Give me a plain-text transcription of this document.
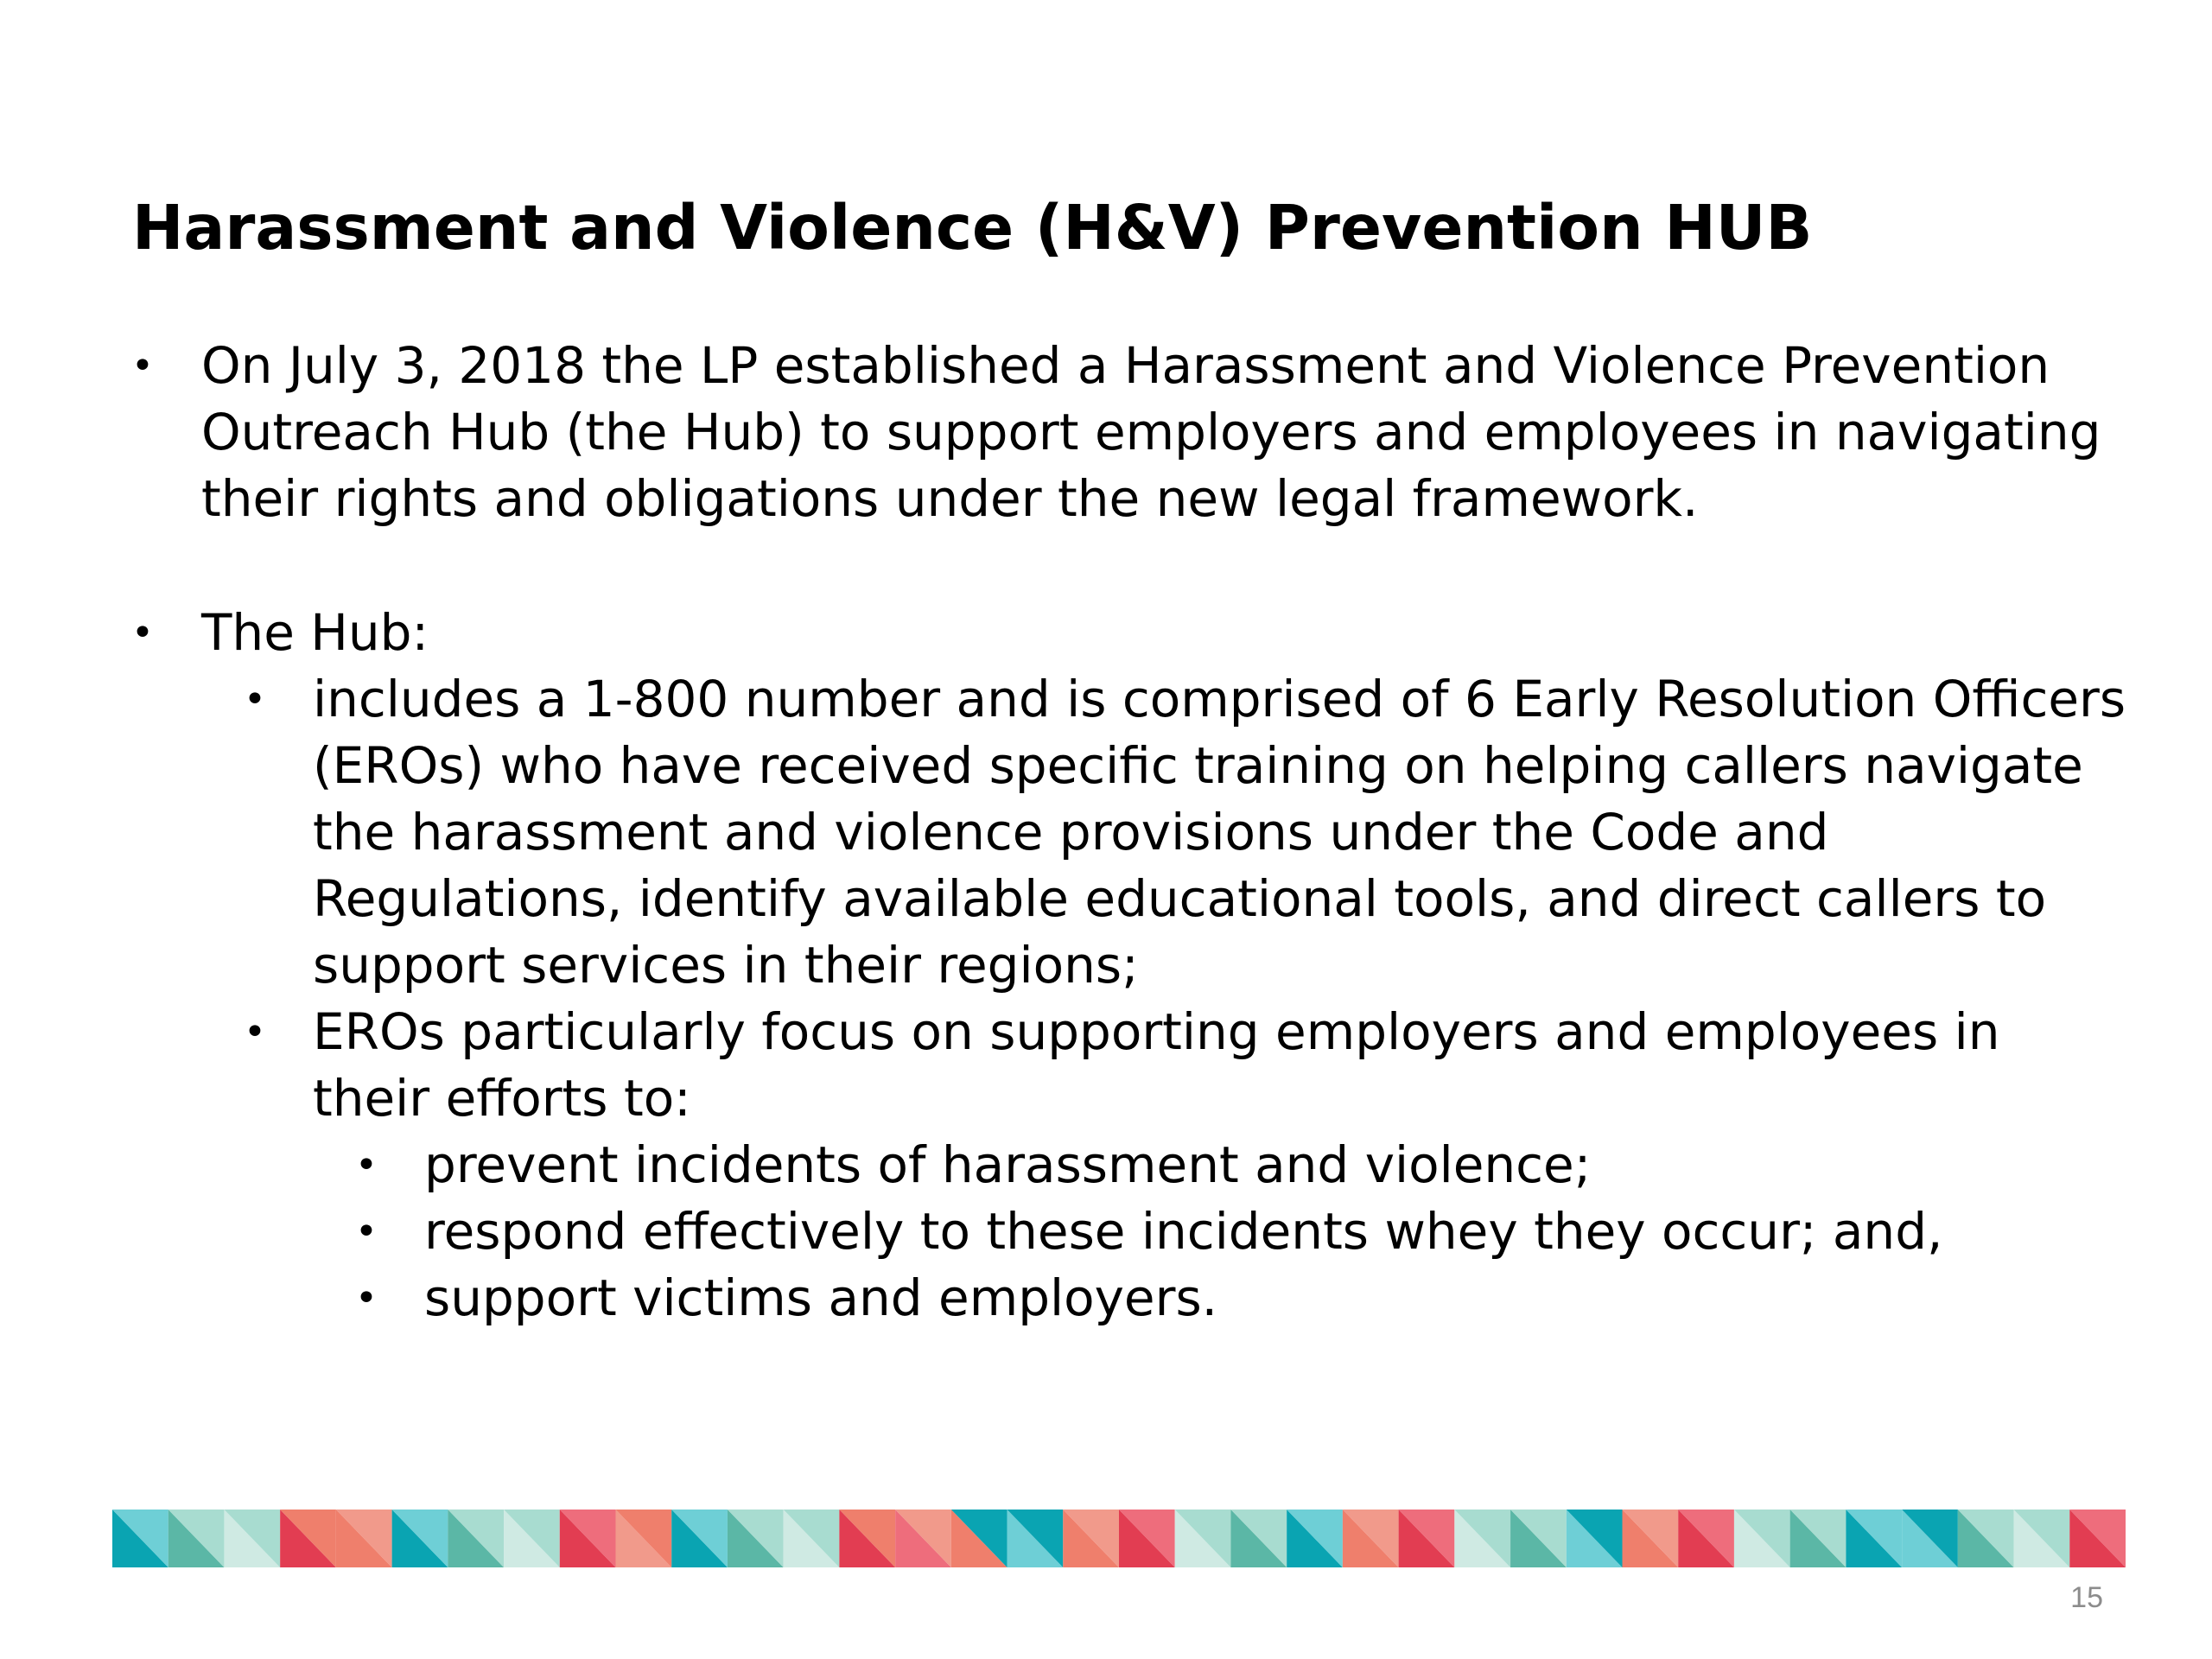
Harassment and Violence (H&V) Prevention HUB
• On July 3, 2018 the LP established a Harassment and Violence Prevention Outreach Hub (the Hub) to support employers and employees in navigating their rights and obligations under the new legal framework.
• The Hub:
• includes a 1-800 number and is comprised of 6 Early Resolution Officers (EROs) who have received specific training on helping callers navigate the harassment and violence provisions under the Code and Regulations, identify available educational tools, and direct callers to support services in their regions;
• EROs particularly focus on supporting employers and employees in their efforts to:
• prevent incidents of harassment and violence;
• respond effectively to these incidents whey they occur; and,
• support victims and employers.
15
